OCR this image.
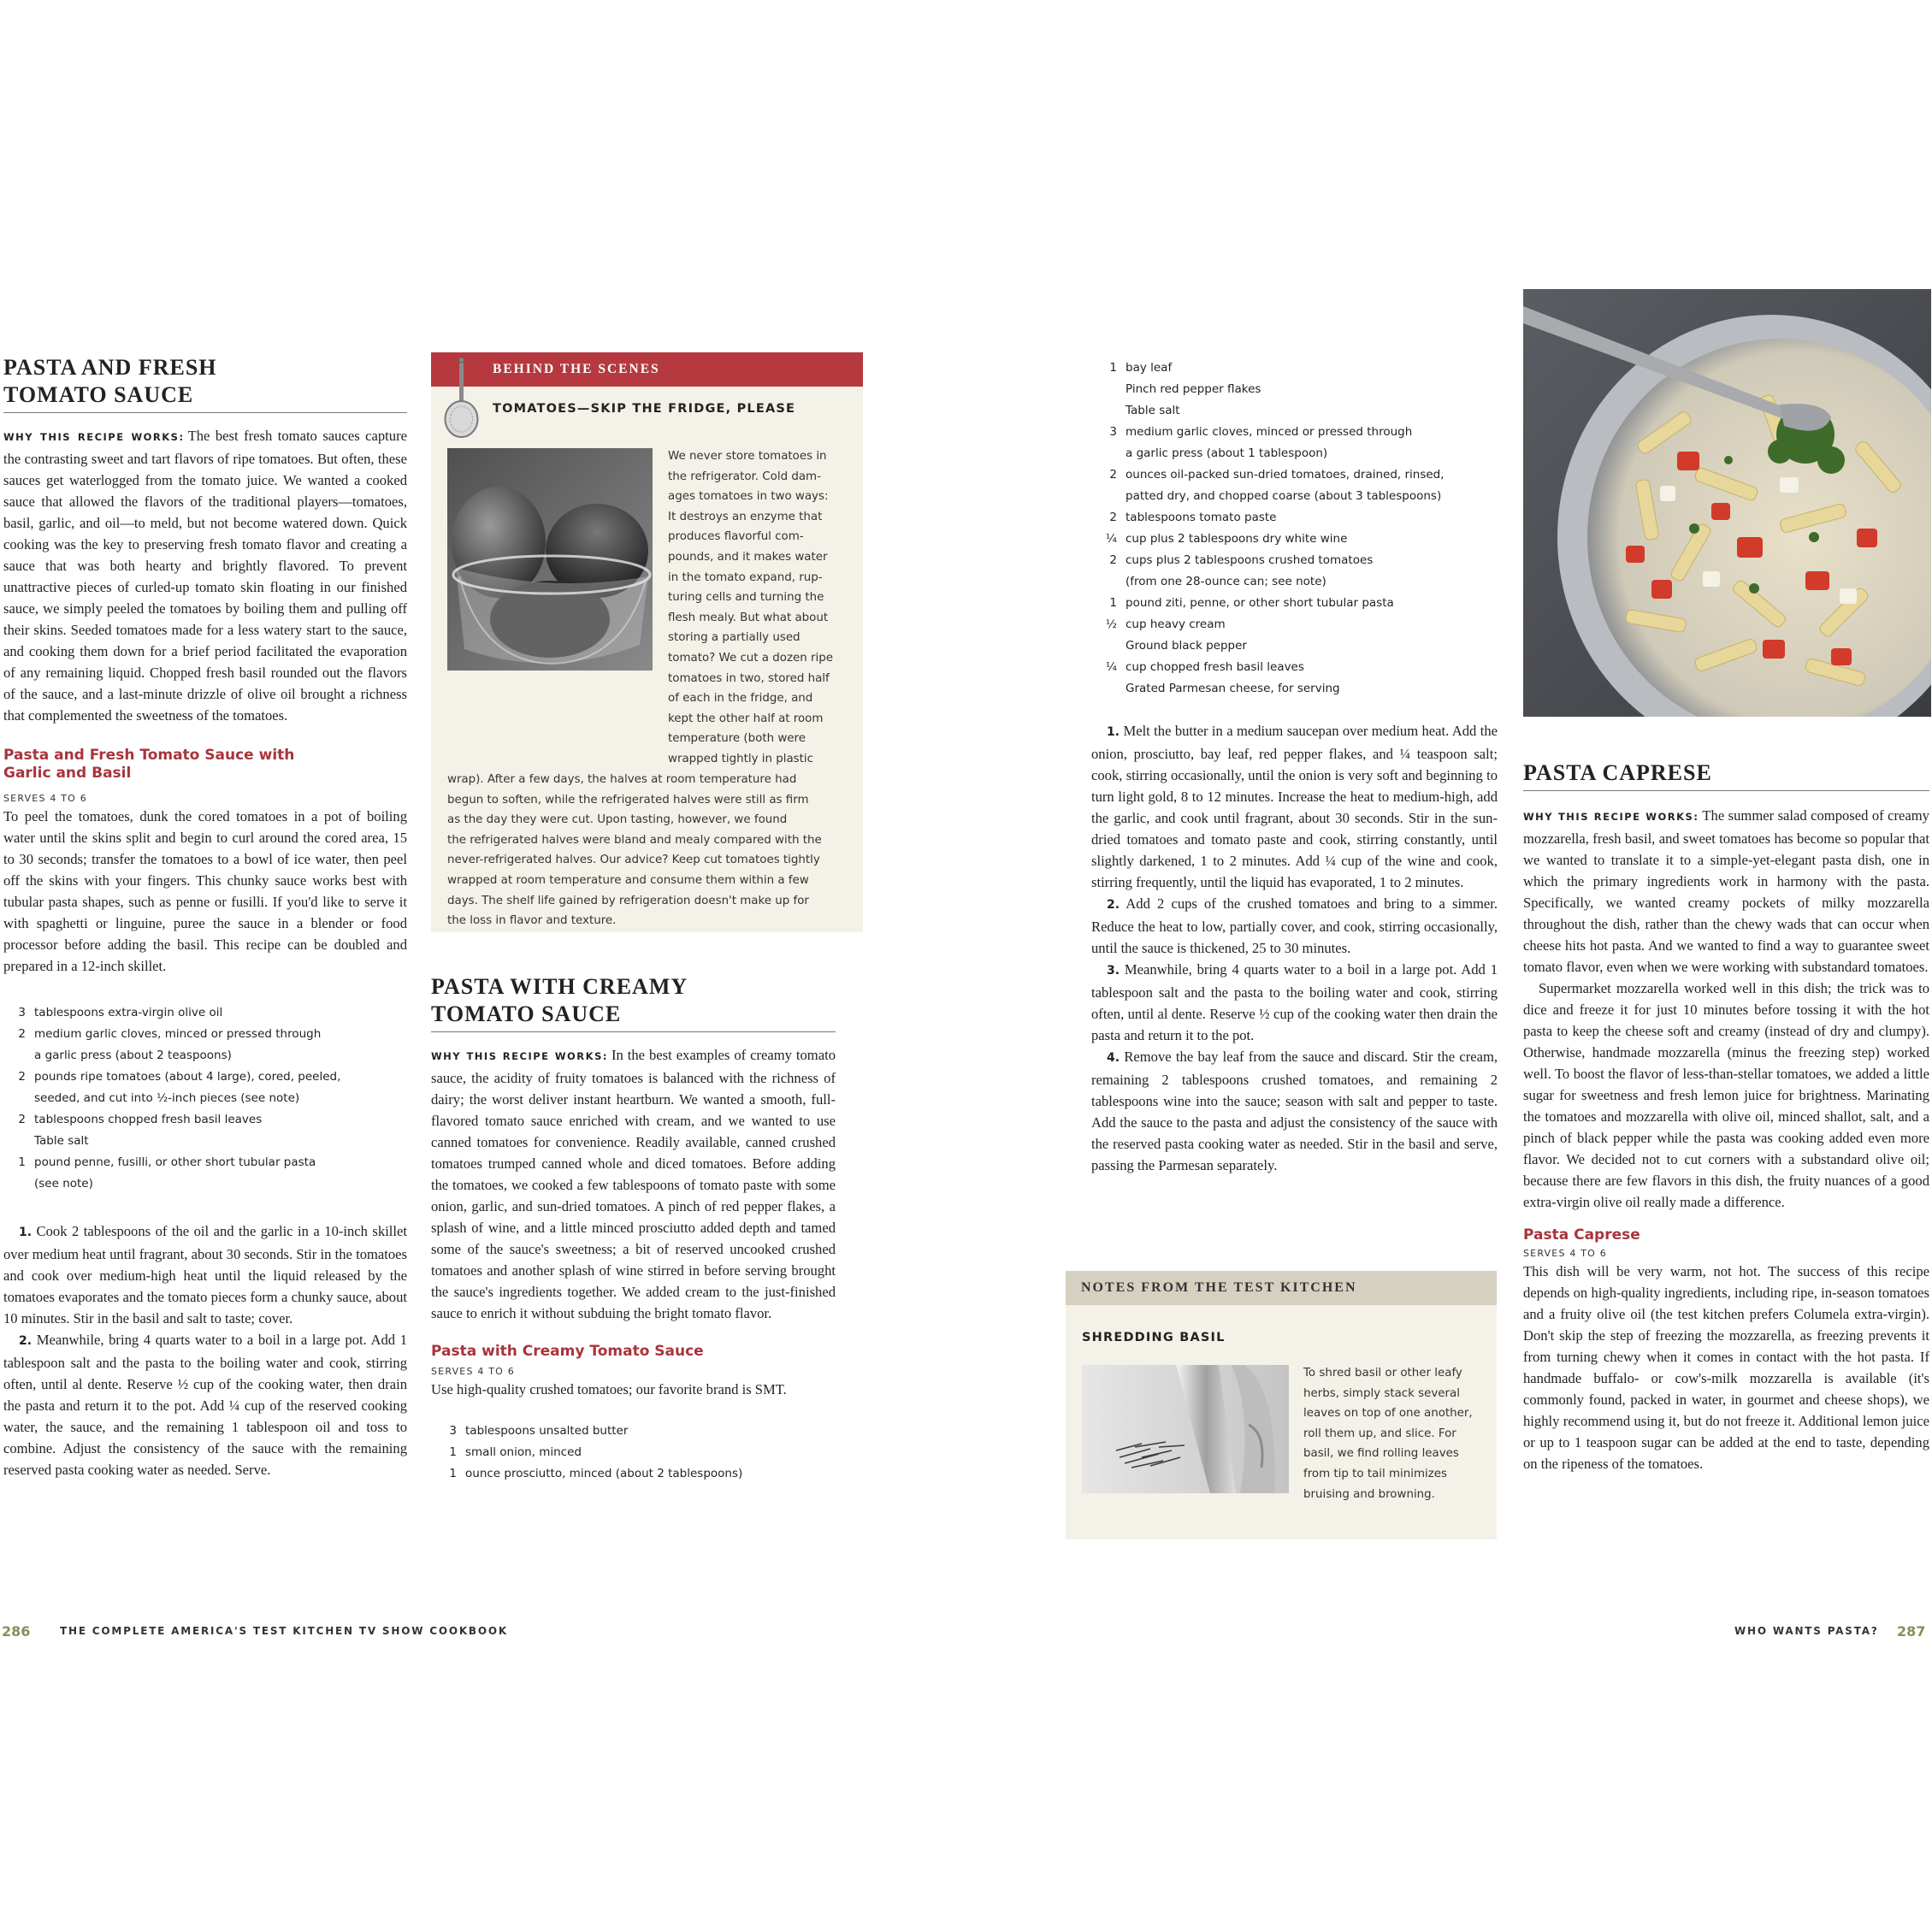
PASTA AND FRESH
TOMATO SAUCE

WHY THIS RECIPE WORKS: The best fresh tomato sauces capture the contrasting sweet and tart flavors of ripe tomatoes. But often, these sauces get waterlogged from the tomato juice. We wanted a cooked sauce that allowed the flavors of the traditional players—tomatoes, basil, garlic, and oil—to meld, but not become watered down. Quick cooking was the key to preserving fresh tomato flavor and creating a sauce that was both hearty and brightly flavored. To prevent unattractive pieces of curled-up tomato skin floating in our finished sauce, we simply peeled the tomatoes by boiling them and pulling off their skins. Seeded tomatoes made for a less watery start to the sauce, and cooking them down for a brief period facilitated the evaporation of any remaining liquid. Chopped fresh basil rounded out the flavors of the sauce, and a last-minute drizzle of olive oil brought a richness that complemented the sweetness of the tomatoes.

Pasta and Fresh Tomato Sauce with
Garlic and Basil

SERVES 4 TO 6

To peel the tomatoes, dunk the cored tomatoes in a pot of boiling water until the skins split and begin to curl around the cored area, 15 to 30 seconds; transfer the tomatoes to a bowl of ice water, then peel off the skins with your fingers. This chunky sauce works best with tubular pasta shapes, such as penne or fusilli. If you'd like to serve it with spaghetti or linguine, puree the sauce in a blender or food processor before adding the basil. This recipe can be doubled and prepared in a 12-inch skillet.

3 tablespoons extra-virgin olive oil
2 medium garlic cloves, minced or pressed through
a garlic press (about 2 teaspoons)
2 pounds ripe tomatoes (about 4 large), cored, peeled,
seeded, and cut into ½-inch pieces (see note)
2 tablespoons chopped fresh basil leaves
Table salt
1 pound penne, fusilli, or other short tubular pasta
(see note)

1. Cook 2 tablespoons of the oil and the garlic in a 10-inch skillet over medium heat until fragrant, about 30 seconds. Stir in the tomatoes and cook over medium-high heat until the liquid released by the tomatoes evaporates and the tomato pieces form a chunky sauce, about 10 minutes. Stir in the basil and salt to taste; cover.

2. Meanwhile, bring 4 quarts water to a boil in a large pot. Add 1 tablespoon salt and the pasta to the boiling water and cook, stirring often, until al dente. Reserve ½ cup of the cooking water, then drain the pasta and return it to the pot. Add ¼ cup of the reserved cooking water, the sauce, and the remaining 1 tablespoon oil and toss to combine. Adjust the consistency of the sauce with the remaining reserved pasta cooking water as needed. Serve.

BEHIND THE SCENES
TOMATOES—SKIP THE FRIDGE, PLEASE
We never store tomatoes in
the refrigerator. Cold dam-
ages tomatoes in two ways:
It destroys an enzyme that
produces flavorful com-
pounds, and it makes water
in the tomato expand, rup-
turing cells and turning the
flesh mealy. But what about
storing a partially used
tomato? We cut a dozen ripe
tomatoes in two, stored half
of each in the fridge, and
kept the other half at room
temperature (both were
wrapped tightly in plastic
wrap). After a few days, the halves at room temperature had
begun to soften, while the refrigerated halves were still as firm
as the day they were cut. Upon tasting, however, we found
the refrigerated halves were bland and mealy compared with the
never-refrigerated halves. Our advice? Keep cut tomatoes tightly
wrapped at room temperature and consume them within a few
days. The shelf life gained by refrigeration doesn't make up for
the loss in flavor and texture.
PASTA WITH CREAMY
TOMATO SAUCE

WHY THIS RECIPE WORKS: In the best examples of creamy tomato sauce, the acidity of fruity tomatoes is balanced with the richness of dairy; the worst deliver instant heartburn. We wanted a smooth, full-flavored tomato sauce enriched with cream, and we wanted to use canned tomatoes for convenience. Readily available, canned crushed tomatoes trumped canned whole and diced tomatoes. Before adding the tomatoes, we cooked a few tablespoons of tomato paste with some onion, garlic, and sun-dried tomatoes. A pinch of red pepper flakes, a splash of wine, and a little minced prosciutto added depth and tamed some of the sauce's sweetness; a bit of reserved uncooked crushed tomatoes and another splash of wine stirred in before serving brought the sauce's ingredients together. We added cream to the just-finished sauce to enrich it without subduing the bright tomato flavor.

Pasta with Creamy Tomato Sauce

SERVES 4 TO 6

Use high-quality crushed tomatoes; our favorite brand is SMT.

3 tablespoons unsalted butter
1 small onion, minced
1 ounce prosciutto, minced (about 2 tablespoons)
286	THE COMPLETE AMERICA'S TEST KITCHEN TV SHOW COOKBOOK
1 bay leaf
Pinch red pepper flakes
Table salt
3 medium garlic cloves, minced or pressed through
a garlic press (about 1 tablespoon)
2 ounces oil-packed sun-dried tomatoes, drained, rinsed,
patted dry, and chopped coarse (about 3 tablespoons)
2 tablespoons tomato paste
¼ cup plus 2 tablespoons dry white wine
2 cups plus 2 tablespoons crushed tomatoes
(from one 28-ounce can; see note)
1 pound ziti, penne, or other short tubular pasta
½ cup heavy cream
Ground black pepper
¼ cup chopped fresh basil leaves
Grated Parmesan cheese, for serving

1. Melt the butter in a medium saucepan over medium heat. Add the onion, prosciutto, bay leaf, red pepper flakes, and ¼ teaspoon salt; cook, stirring occasionally, until the onion is very soft and beginning to turn light gold, 8 to 12 minutes. Increase the heat to medium-high, add the garlic, and cook until fragrant, about 30 seconds. Stir in the sun-dried tomatoes and tomato paste and cook, stirring constantly, until slightly darkened, 1 to 2 minutes. Add ¼ cup of the wine and cook, stirring frequently, until the liquid has evaporated, 1 to 2 minutes.

2. Add 2 cups of the crushed tomatoes and bring to a simmer. Reduce the heat to low, partially cover, and cook, stirring occasionally, until the sauce is thickened, 25 to 30 minutes.

3. Meanwhile, bring 4 quarts water to a boil in a large pot. Add 1 tablespoon salt and the pasta to the boiling water and cook, stirring often, until al dente. Reserve ½ cup of the cooking water then drain the pasta and return it to the pot.

4. Remove the bay leaf from the sauce and discard. Stir the cream, remaining 2 tablespoons crushed tomatoes, and remaining 2 tablespoons wine into the sauce; season with salt and pepper to taste. Add the sauce to the pasta and adjust the consistency of the sauce with the reserved pasta cooking water as needed. Stir in the basil and serve, passing the Parmesan separately.

NOTES FROM THE TEST KITCHEN
SHREDDING BASIL
To shred basil or other leafy
herbs, simply stack several
leaves on top of one another,
roll them up, and slice. For
basil, we find rolling leaves
from tip to tail minimizes
bruising and browning.
PASTA CAPRESE

WHY THIS RECIPE WORKS: The summer salad composed of creamy mozzarella, fresh basil, and sweet tomatoes has become so popular that we wanted to translate it to a simple-yet-elegant pasta dish, one in which the primary ingredients work in harmony with the pasta. Specifically, we wanted creamy pockets of milky mozzarella throughout the dish, rather than the chewy wads that can occur when cheese hits hot pasta. And we wanted to find a way to guarantee sweet tomato flavor, even when we were working with substandard tomatoes.

Supermarket mozzarella worked well in this dish; the trick was to dice and freeze it for just 10 minutes before tossing it with the hot pasta to keep the cheese soft and creamy (instead of dry and clumpy). Otherwise, handmade mozzarella (minus the freezing step) worked well. To boost the flavor of less-than-stellar tomatoes, we added a little sugar for sweetness and fresh lemon juice for brightness. Marinating the tomatoes and mozzarella with olive oil, minced shallot, salt, and a pinch of black pepper while the pasta was cooking added even more flavor. We decided not to cut corners with a substandard olive oil; because there are few flavors in this dish, the fruity nuances of a good extra-virgin olive oil really made a difference.

Pasta Caprese

SERVES 4 TO 6

This dish will be very warm, not hot. The success of this recipe depends on high-quality ingredients, including ripe, in-season tomatoes and a fruity olive oil (the test kitchen prefers Columela extra-virgin). Don't skip the step of freezing the mozzarella, as freezing prevents it from turning chewy when it comes in contact with the hot pasta. If handmade buffalo- or cow's-milk mozzarella is available (it's commonly found, packed in water, in gourmet and cheese shops), we highly recommend using it, but do not freeze it. Additional lemon juice or up to 1 teaspoon sugar can be added at the end to taste, depending on the ripeness of the tomatoes.

WHO WANTS PASTA? 287
